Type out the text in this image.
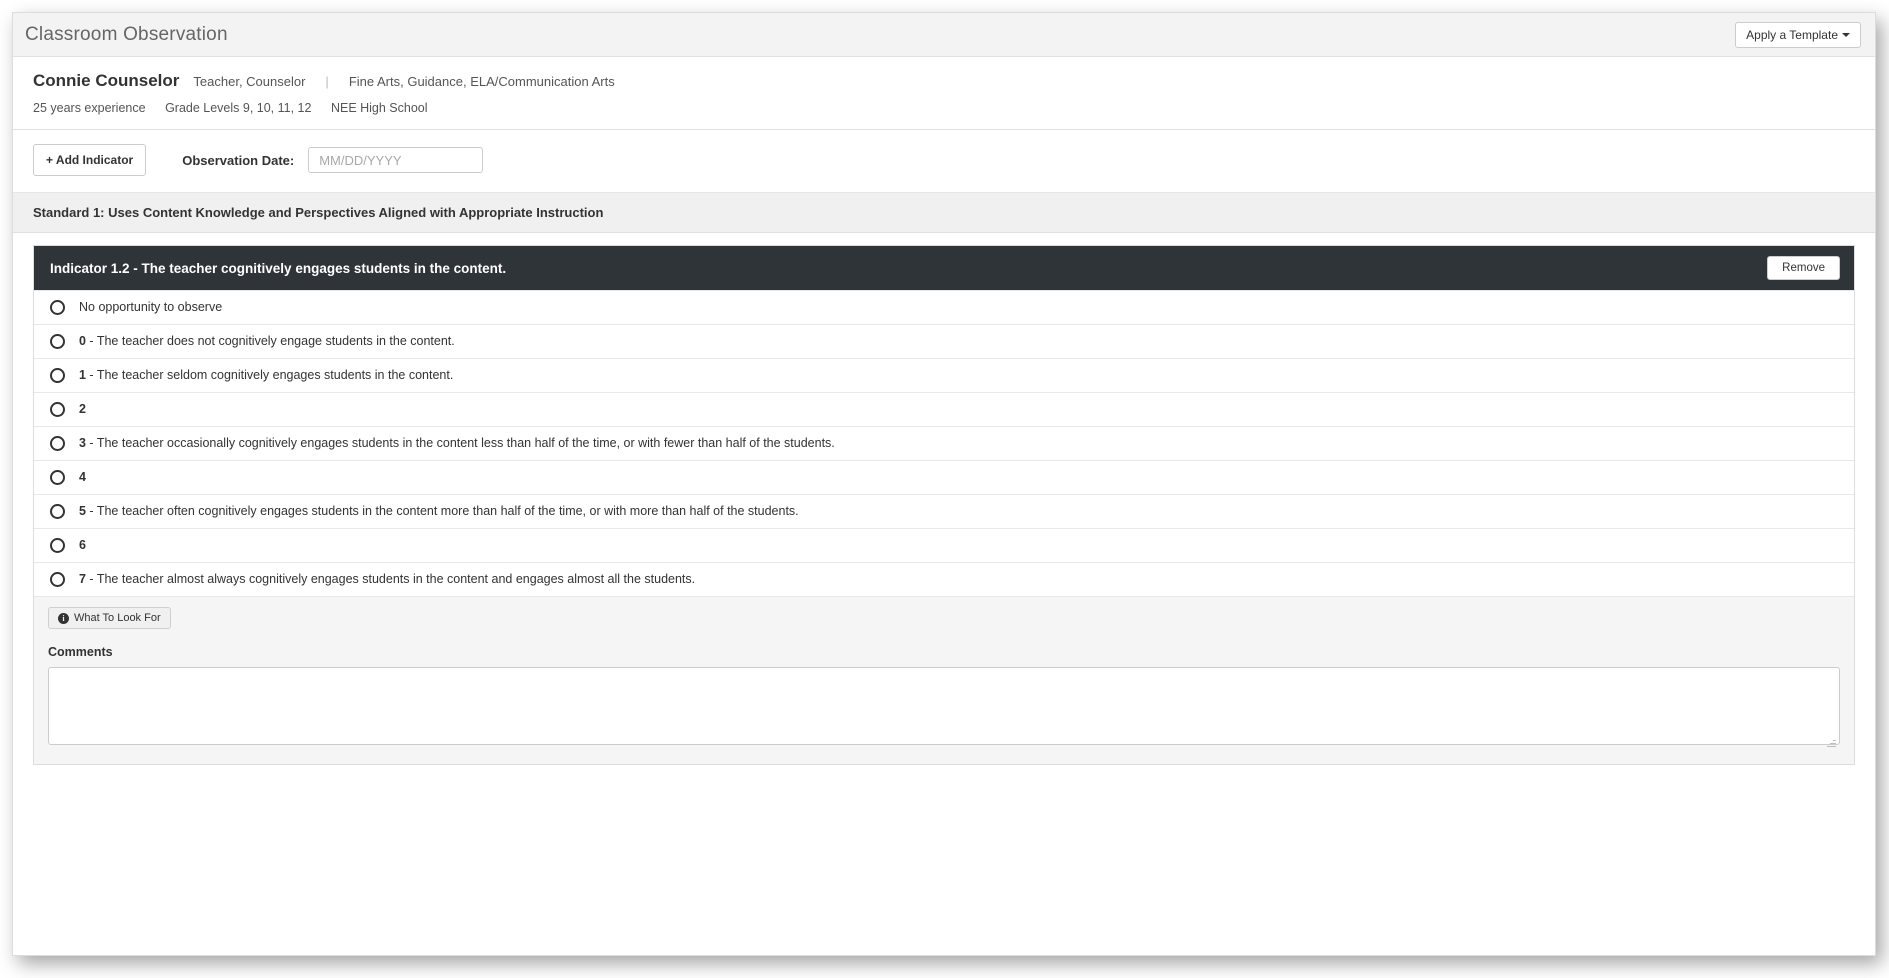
Classroom Observation	Apply a Template
Connie Counselor Teacher, Counselor | Fine Arts, Guidance, ELA/Communication Arts
25 years experience Grade Levels 9, 10, 11, 12 NEE High School
+ Add Indicator	Observation Date:
MM/DD/YYYY
Standard 1: Uses Content Knowledge and Perspectives Aligned with Appropriate Instruction
Indicator 1.2 - The teacher cognitively engages students in the content.	Remove
No opportunity to observe
0 - The teacher does not cognitively engage students in the content.
1 - The teacher seldom cognitively engages students in the content.
2
3 - The teacher occasionally cognitively engages students in the content less than half of the time, or with fewer than half of the students.
4
5 - The teacher often cognitively engages students in the content more than half of the time, or with more than half of the students.
6
7 - The teacher almost always cognitively engages students in the content and engages almost all the students.
i What To Look For
Comments
